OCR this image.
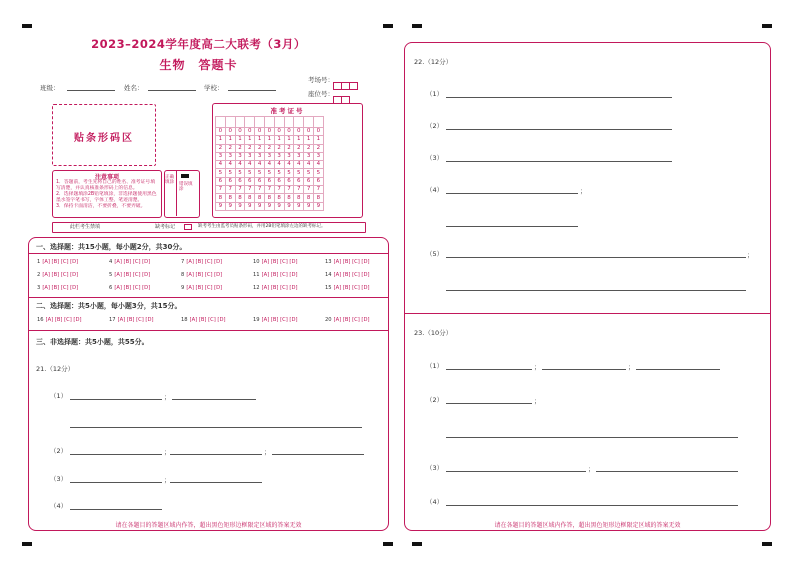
2023–2024学年度高二大联考（3月）
生物　答题卡
班级：	姓名：	学校：
考场号：
座位号：
贴条形码区
注意事项
1．答题前，考生先将自己的姓名、准考证号填写清楚，并认真核准条形码上的信息。
2．选择题填涂2B铅笔填涂，非选择题使用黑色墨水签字笔书写，字体工整、笔迹清楚。
3．保持卡面清洁，不要折叠，不要弄破。
正确填涂 错误填涂
准考证号

0	0	0	0	0	0	0	0	0	0	0
1	1	1	1	1	1	1	1	1	1	1
2	2	2	2	2	2	2	2	2	2	2
3	3	3	3	3	3	3	3	3	3	3
4	4	4	4	4	4	4	4	4	4	4
5	5	5	5	5	5	5	5	5	5	5
6	6	6	6	6	6	6	6	6	6	6
7	7	7	7	7	7	7	7	7	7	7
8	8	8	8	8	8	8	8	8	8	8
9	9	9	9	9	9	9	9	9	9	9
此栏考生禁填	缺考标记	缺考考生由监考员贴条形码，并用2B铅笔填涂左边的缺考标记。
一、选择题：共15小题，每小题2分，共30分。
1 [A] [B] [C] [D]
2 [A] [B] [C] [D]
3 [A] [B] [C] [D]
4 [A] [B] [C] [D]
5 [A] [B] [C] [D]
6 [A] [B] [C] [D]
7 [A] [B] [C] [D]
8 [A] [B] [C] [D]
9 [A] [B] [C] [D]
10 [A] [B] [C] [D]
11 [A] [B] [C] [D]
12 [A] [B] [C] [D]
13 [A] [B] [C] [D]
14 [A] [B] [C] [D]
15 [A] [B] [C] [D]
二、选择题：共5小题，每小题3分，共15分。
16 [A] [B] [C] [D]	17 [A] [B] [C] [D]	18 [A] [B] [C] [D]	19 [A] [B] [C] [D]	20 [A] [B] [C] [D]
三、非选择题：共5小题，共55分。
21.（12分）
（1）	；
（2）	；	；
（3）	；
（4）
请在各题目的答题区域内作答，超出黑色矩形边框限定区域的答案无效
22.（12分）
（1）
（2）
（3）
（4）	；
（5）	；
23.（10分）
（1）	；	；
（2）	；
（3）	；
（4）
请在各题目的答题区域内作答，超出黑色矩形边框限定区域的答案无效
